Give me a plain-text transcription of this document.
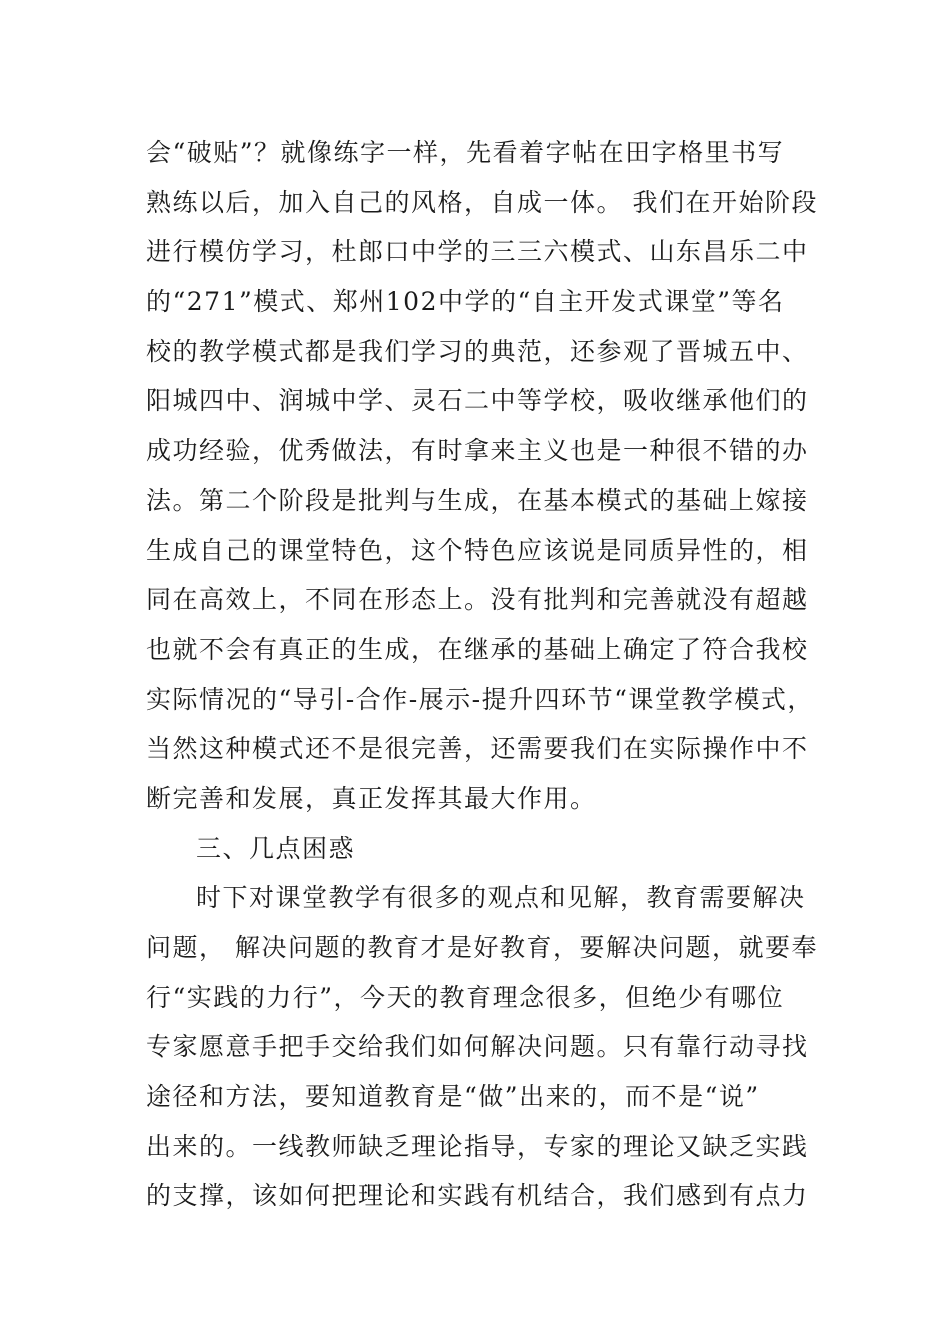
会“破贴”？就像练字一样，先看着字帖在田字格里书写
熟练以后，加入自己的风格，自成一体。 我们在开始阶段
进行模仿学习，杜郎口中学的三三六模式、山东昌乐二中
的“271”模式、郑州102中学的“自主开发式课堂”等名
校的教学模式都是我们学习的典范，还参观了晋城五中、
阳城四中、润城中学、灵石二中等学校，吸收继承他们的
成功经验，优秀做法，有时拿来主义也是一种很不错的办
法。第二个阶段是批判与生成，在基本模式的基础上嫁接
生成自己的课堂特色，这个特色应该说是同质异性的，相
同在高效上，不同在形态上。没有批判和完善就没有超越
也就不会有真正的生成，在继承的基础上确定了符合我校
实际情况的“导引-合作-展示-提升四环节“课堂教学模式，
当然这种模式还不是很完善，还需要我们在实际操作中不
断完善和发展，真正发挥其最大作用。
三、几点困惑
时下对课堂教学有很多的观点和见解，教育需要解决
问题， 解决问题的教育才是好教育，要解决问题，就要奉
行“实践的力行”，今天的教育理念很多，但绝少有哪位
专家愿意手把手交给我们如何解决问题。只有靠行动寻找
途径和方法，要知道教育是“做”出来的，而不是“说”
出来的。一线教师缺乏理论指导，专家的理论又缺乏实践
的支撑，该如何把理论和实践有机结合，我们感到有点力
